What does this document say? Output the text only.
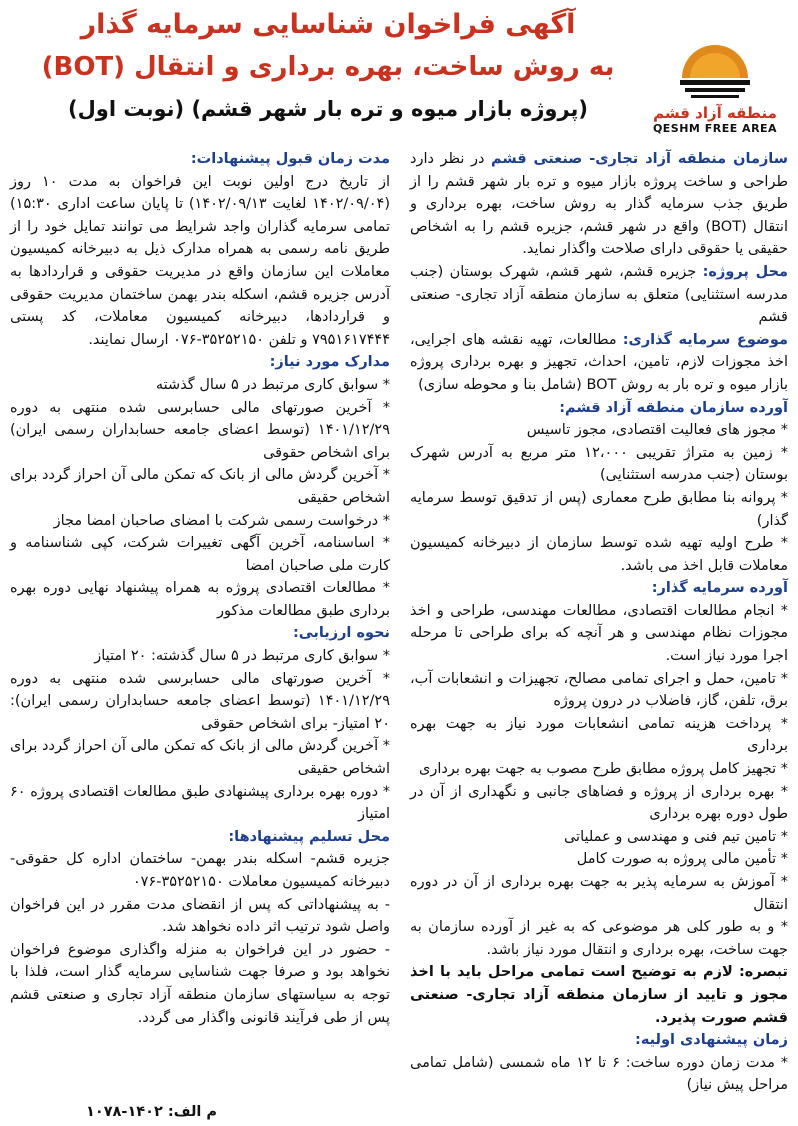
آگهی فراخوان شناسایی سرمایه گذار
به روش ساخت، بهره برداری و انتقال (BOT)
(پروژه بازار میوه و تره بار شهر قشم) (نوبت اول)	منطقه آزاد قشم
QESHM FREE AREA
سازمان منطقه آزاد تجاری- صنعتی قشم در نظر دارد طراحی و ساخت پروژه بازار میوه و تره بار شهر قشم را از طریق جذب سرمایه گذار به روش ساخت، بهره برداری و انتقال (BOT) واقع در شهر قشم، جزیره قشم را به اشخاص حقیقی یا حقوقی دارای صلاحت واگذار نماید.
محل پروژه: جزیره قشم، شهر قشم، شهرک بوستان (جنب مدرسه استثنایی) متعلق به سازمان منطقه آزاد تجاری- صنعتی قشم
موضوع سرمایه گذاری: مطالعات، تهیه نقشه های اجرایی، اخذ مجوزات لازم، تامین، احداث، تجهیز و بهره برداری پروژه بازار میوه و تره بار به روش BOT (شامل بنا و محوطه سازی)
آورده سازمان منطقه آزاد قشم:
* مجوز های فعالیت اقتصادی، مجوز تاسیس
* زمین به متراژ تقریبی ۱۲،۰۰۰ متر مربع به آدرس شهرک بوستان (جنب مدرسه استثنایی)
* پروانه بنا مطابق طرح معماری (پس از تدقیق توسط سرمایه گذار)
* طرح اولیه تهیه شده توسط سازمان از دبیرخانه کمیسیون معاملات قابل اخذ می باشد.
آورده سرمایه گذار:
* انجام مطالعات اقتصادی، مطالعات مهندسی، طراحی و اخذ مجوزات نظام مهندسی و هر آنچه که برای طراحی تا مرحله اجرا مورد نیاز است.
* تامین، حمل و اجرای تمامی مصالح، تجهیزات و انشعابات آب، برق، تلفن، گاز، فاضلاب در درون پروژه
* پرداخت هزینه تمامی انشعابات مورد نیاز به جهت بهره برداری
* تجهیز کامل پروژه مطابق طرح مصوب به جهت بهره برداری
* بهره برداری از پروژه و فضاهای جانبی و نگهداری از آن در طول دوره بهره برداری
* تامین تیم فنی و مهندسی و عملیاتی
* تأمین مالی پروژه به صورت کامل
* آموزش به سرمایه پذیر به جهت بهره برداری از آن در دوره انتقال
* و به طور کلی هر موضوعی که به غیر از آورده سازمان به جهت ساخت، بهره برداری و انتقال مورد نیاز باشد.
تبصره: لازم به توضیح است تمامی مراحل باید با اخذ مجوز و تایید از سازمان منطقه آزاد تجاری- صنعتی قشم صورت پذیرد.
زمان پیشنهادی اولیه:
* مدت زمان دوره ساخت: ۶ تا ۱۲ ماه شمسی (شامل تمامی مراحل پیش نیاز)
مدت زمان قبول پیشنهادات:
از تاریخ درج اولین نوبت این فراخوان به مدت ۱۰ روز (۱۴۰۲/۰۹/۰۴ لغایت ۱۴۰۲/۰۹/۱۳) تا پایان ساعت اداری ۱۵:۳۰) تمامی سرمایه گذاران واجد شرایط می توانند تمایل خود را از طریق نامه رسمی به همراه مدارک ذیل به دبیرخانه کمیسیون معاملات این سازمان واقع در مدیریت حقوقی و قراردادها به آدرس جزیره قشم، اسکله بندر بهمن ساختمان مدیریت حقوقی و قراردادها، دبیرخانه کمیسیون معاملات، کد پستی ۷۹۵۱۶۱۷۴۴۴ و تلفن ۳۵۲۵۲۱۵۰-۰۷۶ ارسال نمایند.
مدارک مورد نیاز:
* سوابق کاری مرتبط در ۵ سال گذشته
* آخرین صورتهای مالی حسابرسی شده منتهی به دوره ۱۴۰۱/۱۲/۲۹ (توسط اعضای جامعه حسابداران رسمی ایران) برای اشخاص حقوقی
* آخرین گردش مالی از بانک که تمکن مالی آن احراز گردد برای اشخاص حقیقی
* درخواست رسمی شرکت با امضای صاحبان امضا مجاز
* اساسنامه، آخرین آگهی تغییرات شرکت، کپی شناسنامه و کارت ملی صاحبان امضا
* مطالعات اقتصادی پروژه به همراه پیشنهاد نهایی دوره بهره برداری طبق مطالعات مذکور
نحوه ارزیابی:
* سوابق کاری مرتبط در ۵ سال گذشته: ۲۰ امتیاز
* آخرین صورتهای مالی حسابرسی شده منتهی به دوره ۱۴۰۱/۱۲/۲۹ (توسط اعضای جامعه حسابداران رسمی ایران): ۲۰ امتیاز- برای اشخاص حقوقی
* آخرین گردش مالی از بانک که تمکن مالی آن احراز گردد برای اشخاص حقیقی
* دوره بهره برداری پیشنهادی طبق مطالعات اقتصادی پروژه ۶۰ امتیاز
محل تسلیم پیشنهادها:
جزیره قشم- اسکله بندر بهمن- ساختمان اداره کل حقوقی- دبیرخانه کمیسیون معاملات ۳۵۲۵۲۱۵۰-۰۷۶
- به پیشنهاداتی که پس از انقضای مدت مقرر در این فراخوان واصل شود ترتیب اثر داده نخواهد شد.
- حضور در این فراخوان به منزله واگذاری موضوع فراخوان نخواهد بود و صرفا جهت شناسایی سرمایه گذار است، فلذا با توجه به سیاستهای سازمان منطقه آزاد تجاری و صنعتی قشم پس از طی فرآیند قانونی واگذار می گردد.
م الف: ۱۴۰۲-۱۰۷۸
